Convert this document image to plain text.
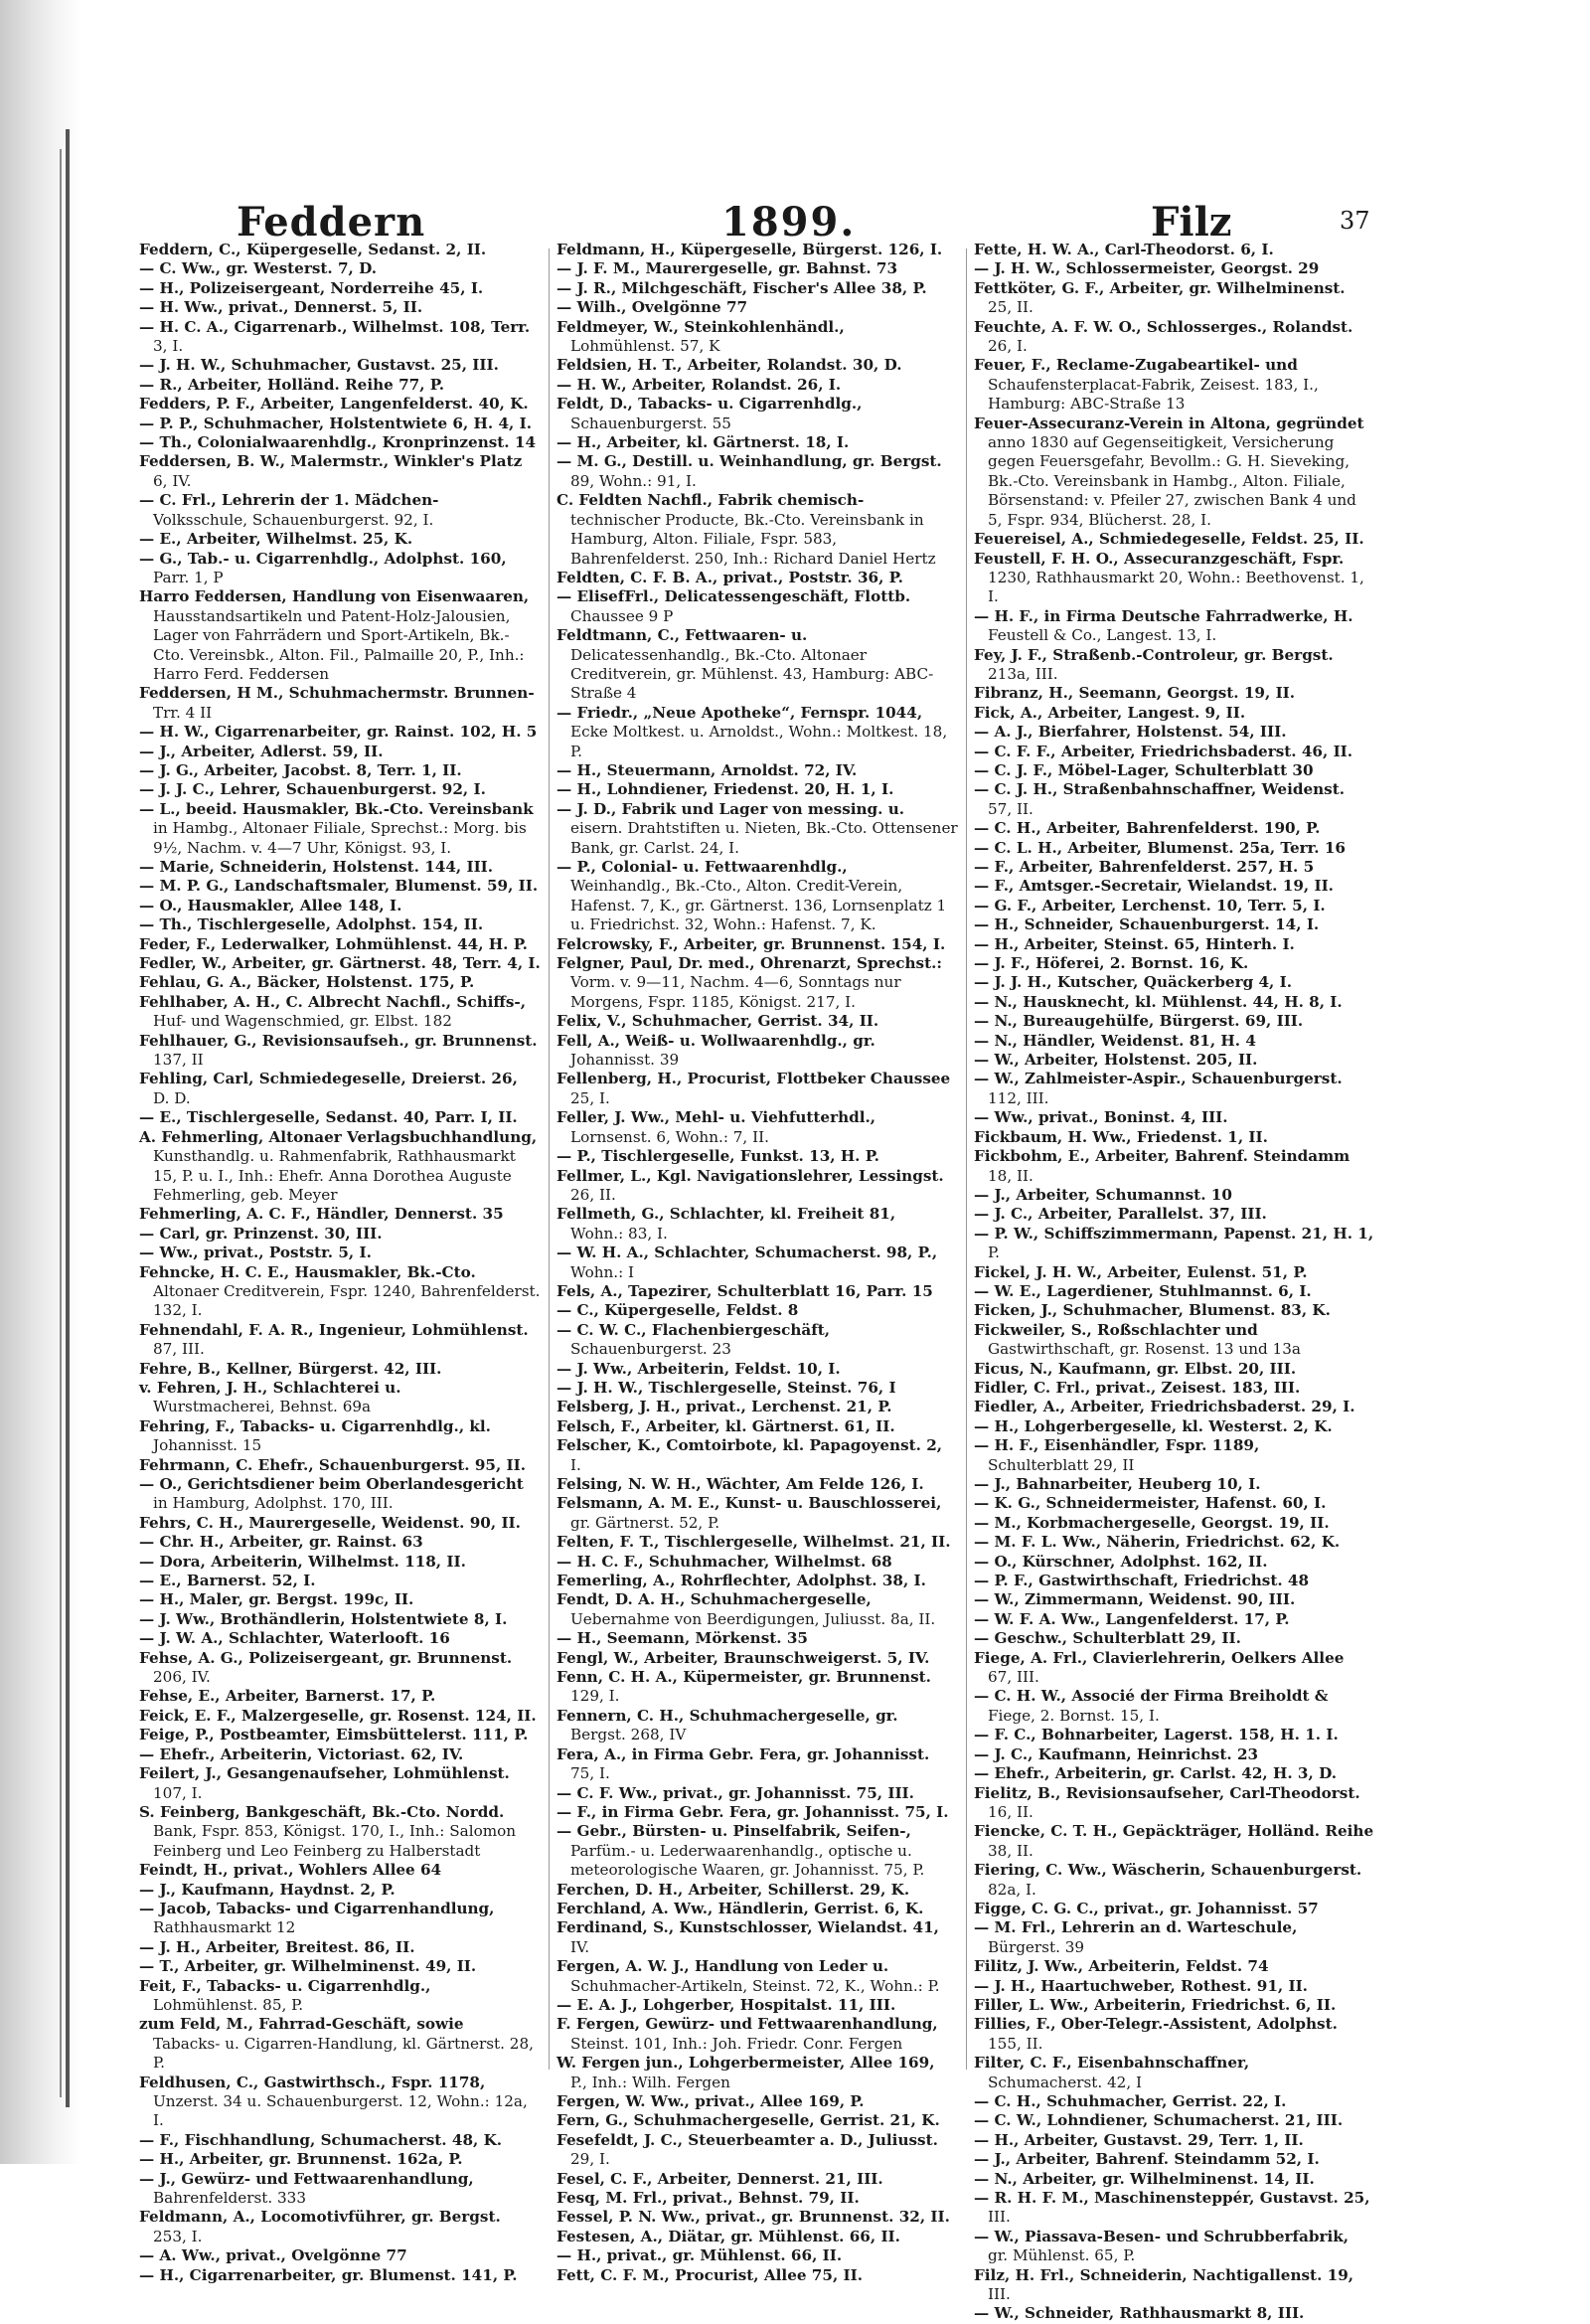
Feddern	1899.	Filz	37

Feddern, C., Küpergeselle, Sedanst. 2, II.

— C. Ww., gr. Westerst. 7, D.

— H., Polizeisergeant, Norderreihe 45, I.

— H. Ww., privat., Dennerst. 5, II.

— H. C. A., Cigarrenarb., Wilhelmst. 108, Terr. 3, I.

— J. H. W., Schuhmacher, Gustavst. 25, III.

— R., Arbeiter, Holländ. Reihe 77, P.

Fedders, P. F., Arbeiter, Langenfelderst. 40, K.

— P. P., Schuhmacher, Holstentwiete 6, H. 4, I.

— Th., Colonialwaarenhdlg., Kronprinzenst. 14

Feddersen, B. W., Malermstr., Winkler's Platz 6, IV.

— C. Frl., Lehrerin der 1. Mädchen-Volksschule, Schauenburgerst. 92, I.

— E., Arbeiter, Wilhelmst. 25, K.

— G., Tab.- u. Cigarrenhdlg., Adolphst. 160, Parr. 1, P

Harro Feddersen, Handlung von Eisenwaaren, Hausstandsartikeln und Patent-Holz-Jalousien, Lager von Fahrrädern und Sport-Artikeln, Bk.-Cto. Vereinsbk., Alton. Fil., Palmaille 20, P., Inh.: Harro Ferd. Feddersen

Feddersen, H M., Schuhmachermstr. Brunnen-Trr. 4 II

— H. W., Cigarrenarbeiter, gr. Rainst. 102, H. 5

— J., Arbeiter, Adlerst. 59, II.

— J. G., Arbeiter, Jacobst. 8, Terr. 1, II.

— J. J. C., Lehrer, Schauenburgerst. 92, I.

— L., beeid. Hausmakler, Bk.-Cto. Vereinsbank in Hambg., Altonaer Filiale, Sprechst.: Morg. bis 9½, Nachm. v. 4—7 Uhr, Königst. 93, I.

— Marie, Schneiderin, Holstenst. 144, III.

— M. P. G., Landschaftsmaler, Blumenst. 59, II.

— O., Hausmakler, Allee 148, I.

— Th., Tischlergeselle, Adolphst. 154, II.

Feder, F., Lederwalker, Lohmühlenst. 44, H. P.

Fedler, W., Arbeiter, gr. Gärtnerst. 48, Terr. 4, I.

Fehlau, G. A., Bäcker, Holstenst. 175, P.

Fehlhaber, A. H., C. Albrecht Nachfl., Schiffs-, Huf- und Wagenschmied, gr. Elbst. 182

Fehlhauer, G., Revisionsaufseh., gr. Brunnenst. 137, II

Fehling, Carl, Schmiedegeselle, Dreierst. 26, D. D.

— E., Tischlergeselle, Sedanst. 40, Parr. I, II.

A. Fehmerling, Altonaer Verlagsbuchhandlung, Kunsthandlg. u. Rahmenfabrik, Rathhausmarkt 15, P. u. I., Inh.: Ehefr. Anna Dorothea Auguste Fehmerling, geb. Meyer

Fehmerling, A. C. F., Händler, Dennerst. 35

— Carl, gr. Prinzenst. 30, III.

— Ww., privat., Poststr. 5, I.

Fehncke, H. C. E., Hausmakler, Bk.-Cto. Altonaer Creditverein, Fspr. 1240, Bahrenfelderst. 132, I.

Fehnendahl, F. A. R., Ingenieur, Lohmühlenst. 87, III.

Fehre, B., Kellner, Bürgerst. 42, III.

v. Fehren, J. H., Schlachterei u. Wurstmacherei, Behnst. 69a

Fehring, F., Tabacks- u. Cigarrenhdlg., kl. Johannisst. 15

Fehrmann, C. Ehefr., Schauenburgerst. 95, II.

— O., Gerichtsdiener beim Oberlandesgericht in Hamburg, Adolphst. 170, III.

Fehrs, C. H., Maurergeselle, Weidenst. 90, II.

— Chr. H., Arbeiter, gr. Rainst. 63

— Dora, Arbeiterin, Wilhelmst. 118, II.

— E., Barnerst. 52, I.

— H., Maler, gr. Bergst. 199c, II.

— J. Ww., Brothändlerin, Holstentwiete 8, I.

— J. W. A., Schlachter, Waterlooft. 16

Fehse, A. G., Polizeisergeant, gr. Brunnenst. 206, IV.

Fehse, E., Arbeiter, Barnerst. 17, P.

Feick, E. F., Malzergeselle, gr. Rosenst. 124, II.

Feige, P., Postbeamter, Eimsbüttelerst. 111, P.

— Ehefr., Arbeiterin, Victoriast. 62, IV.

Feilert, J., Gesangenaufseher, Lohmühlenst. 107, I.

S. Feinberg, Bankgeschäft, Bk.-Cto. Nordd. Bank, Fspr. 853, Königst. 170, I., Inh.: Salomon Feinberg und Leo Feinberg zu Halberstadt

Feindt, H., privat., Wohlers Allee 64

— J., Kaufmann, Haydnst. 2, P.

— Jacob, Tabacks- und Cigarrenhandlung, Rathhausmarkt 12

— J. H., Arbeiter, Breitest. 86, II.

— T., Arbeiter, gr. Wilhelminenst. 49, II.

Feit, F., Tabacks- u. Cigarrenhdlg., Lohmühlenst. 85, P.

zum Feld, M., Fahrrad-Geschäft, sowie Tabacks- u. Cigarren-Handlung, kl. Gärtnerst. 28, P.

Feldhusen, C., Gastwirthsch., Fspr. 1178, Unzerst. 34 u. Schauenburgerst. 12, Wohn.: 12a, I.

— F., Fischhandlung, Schumacherst. 48, K.

— H., Arbeiter, gr. Brunnenst. 162a, P.

— J., Gewürz- und Fettwaarenhandlung, Bahrenfelderst. 333

Feldmann, A., Locomotivführer, gr. Bergst. 253, I.

— A. Ww., privat., Ovelgönne 77

— H., Cigarrenarbeiter, gr. Blumenst. 141, P.

Feldmann, H., Küpergeselle, Bürgerst. 126, I.

— J. F. M., Maurergeselle, gr. Bahnst. 73

— J. R., Milchgeschäft, Fischer's Allee 38, P.

— Wilh., Ovelgönne 77

Feldmeyer, W., Steinkohlenhändl., Lohmühlenst. 57, K

Feldsien, H. T., Arbeiter, Rolandst. 30, D.

— H. W., Arbeiter, Rolandst. 26, I.

Feldt, D., Tabacks- u. Cigarrenhdlg., Schauenburgerst. 55

— H., Arbeiter, kl. Gärtnerst. 18, I.

— M. G., Destill. u. Weinhandlung, gr. Bergst. 89, Wohn.: 91, I.

C. Feldten Nachfl., Fabrik chemisch-technischer Producte, Bk.-Cto. Vereinsbank in Hamburg, Alton. Filiale, Fspr. 583, Bahrenfelderst. 250, Inh.: Richard Daniel Hertz

Feldten, C. F. B. A., privat., Poststr. 36, P.

— ElisefFrl., Delicatessengeschäft, Flottb. Chaussee 9 P

Feldtmann, C., Fettwaaren- u. Delicatessenhandlg., Bk.-Cto. Altonaer Creditverein, gr. Mühlenst. 43, Hamburg: ABC-Straße 4

— Friedr., „Neue Apotheke“, Fernspr. 1044, Ecke Moltkest. u. Arnoldst., Wohn.: Moltkest. 18, P.

— H., Steuermann, Arnoldst. 72, IV.

— H., Lohndiener, Friedenst. 20, H. 1, I.

— J. D., Fabrik und Lager von messing. u. eisern. Drahtstiften u. Nieten, Bk.-Cto. Ottensener Bank, gr. Carlst. 24, I.

— P., Colonial- u. Fettwaarenhdlg., Weinhandlg., Bk.-Cto., Alton. Credit-Verein, Hafenst. 7, K., gr. Gärtnerst. 136, Lornsenplatz 1 u. Friedrichst. 32, Wohn.: Hafenst. 7, K.

Felcrowsky, F., Arbeiter, gr. Brunnenst. 154, I.

Felgner, Paul, Dr. med., Ohrenarzt, Sprechst.: Vorm. v. 9—11, Nachm. 4—6, Sonntags nur Morgens, Fspr. 1185, Königst. 217, I.

Felix, V., Schuhmacher, Gerrist. 34, II.

Fell, A., Weiß- u. Wollwaarenhdlg., gr. Johannisst. 39

Fellenberg, H., Procurist, Flottbeker Chaussee 25, I.

Feller, J. Ww., Mehl- u. Viehfutterhdl., Lornsenst. 6, Wohn.: 7, II.

— P., Tischlergeselle, Funkst. 13, H. P.

Fellmer, L., Kgl. Navigationslehrer, Lessingst. 26, II.

Fellmeth, G., Schlachter, kl. Freiheit 81, Wohn.: 83, I.

— W. H. A., Schlachter, Schumacherst. 98, P., Wohn.: I

Fels, A., Tapezirer, Schulterblatt 16, Parr. 15

— C., Küpergeselle, Feldst. 8

— C. W. C., Flachenbiergeschäft, Schauenburgerst. 23

— J. Ww., Arbeiterin, Feldst. 10, I.

— J. H. W., Tischlergeselle, Steinst. 76, I

Felsberg, J. H., privat., Lerchenst. 21, P.

Felsch, F., Arbeiter, kl. Gärtnerst. 61, II.

Felscher, K., Comtoirbote, kl. Papagoyenst. 2, I.

Felsing, N. W. H., Wächter, Am Felde 126, I.

Felsmann, A. M. E., Kunst- u. Bauschlosserei, gr. Gärtnerst. 52, P.

Felten, F. T., Tischlergeselle, Wilhelmst. 21, II.

— H. C. F., Schuhmacher, Wilhelmst. 68

Femerling, A., Rohrflechter, Adolphst. 38, I.

Fendt, D. A. H., Schuhmachergeselle, Uebernahme von Beerdigungen, Juliusst. 8a, II.

— H., Seemann, Mörkenst. 35

Fengl, W., Arbeiter, Braunschweigerst. 5, IV.

Fenn, C. H. A., Küpermeister, gr. Brunnenst. 129, I.

Fennern, C. H., Schuhmachergeselle, gr. Bergst. 268, IV

Fera, A., in Firma Gebr. Fera, gr. Johannisst. 75, I.

— C. F. Ww., privat., gr. Johannisst. 75, III.

— F., in Firma Gebr. Fera, gr. Johannisst. 75, I.

— Gebr., Bürsten- u. Pinselfabrik, Seifen-, Parfüm.- u. Lederwaarenhandlg., optische u. meteorologische Waaren, gr. Johannisst. 75, P.

Ferchen, D. H., Arbeiter, Schillerst. 29, K.

Ferchland, A. Ww., Händlerin, Gerrist. 6, K.

Ferdinand, S., Kunstschlosser, Wielandst. 41, IV.

Fergen, A. W. J., Handlung von Leder u. Schuhmacher-Artikeln, Steinst. 72, K., Wohn.: P.

— E. A. J., Lohgerber, Hospitalst. 11, III.

F. Fergen, Gewürz- und Fettwaarenhandlung, Steinst. 101, Inh.: Joh. Friedr. Conr. Fergen

W. Fergen jun., Lohgerbermeister, Allee 169, P., Inh.: Wilh. Fergen

Fergen, W. Ww., privat., Allee 169, P.

Fern, G., Schuhmachergeselle, Gerrist. 21, K.

Fesefeldt, J. C., Steuerbeamter a. D., Juliusst. 29, I.

Fesel, C. F., Arbeiter, Dennerst. 21, III.

Fesq, M. Frl., privat., Behnst. 79, II.

Fessel, P. N. Ww., privat., gr. Brunnenst. 32, II.

Festesen, A., Diätar, gr. Mühlenst. 66, II.

— H., privat., gr. Mühlenst. 66, II.

Fett, C. F. M., Procurist, Allee 75, II.

Fette, H. W. A., Carl-Theodorst. 6, I.

— J. H. W., Schlossermeister, Georgst. 29

Fettköter, G. F., Arbeiter, gr. Wilhelminenst. 25, II.

Feuchte, A. F. W. O., Schlosserges., Rolandst. 26, I.

Feuer, F., Reclame-Zugabeartikel- und Schaufensterplacat-Fabrik, Zeisest. 183, I., Hamburg: ABC-Straße 13

Feuer-Assecuranz-Verein in Altona, gegründet anno 1830 auf Gegenseitigkeit, Versicherung gegen Feuersgefahr, Bevollm.: G. H. Sieveking, Bk.-Cto. Vereinsbank in Hambg., Alton. Filiale, Börsenstand: v. Pfeiler 27, zwischen Bank 4 und 5, Fspr. 934, Blücherst. 28, I.

Feuereisel, A., Schmiedegeselle, Feldst. 25, II.

Feustell, F. H. O., Assecuranzgeschäft, Fspr. 1230, Rathhausmarkt 20, Wohn.: Beethovenst. 1, I.

— H. F., in Firma Deutsche Fahrradwerke, H. Feustell & Co., Langest. 13, I.

Fey, J. F., Straßenb.-Controleur, gr. Bergst. 213a, III.

Fibranz, H., Seemann, Georgst. 19, II.

Fick, A., Arbeiter, Langest. 9, II.

— A. J., Bierfahrer, Holstenst. 54, III.

— C. F. F., Arbeiter, Friedrichsbaderst. 46, II.

— C. J. F., Möbel-Lager, Schulterblatt 30

— C. J. H., Straßenbahnschaffner, Weidenst. 57, II.

— C. H., Arbeiter, Bahrenfelderst. 190, P.

— C. L. H., Arbeiter, Blumenst. 25a, Terr. 16

— F., Arbeiter, Bahrenfelderst. 257, H. 5

— F., Amtsger.-Secretair, Wielandst. 19, II.

— G. F., Arbeiter, Lerchenst. 10, Terr. 5, I.

— H., Schneider, Schauenburgerst. 14, I.

— H., Arbeiter, Steinst. 65, Hinterh. I.

— J. F., Höferei, 2. Bornst. 16, K.

— J. J. H., Kutscher, Quäckerberg 4, I.

— N., Hausknecht, kl. Mühlenst. 44, H. 8, I.

— N., Bureaugehülfe, Bürgerst. 69, III.

— N., Händler, Weidenst. 81, H. 4

— W., Arbeiter, Holstenst. 205, II.

— W., Zahlmeister-Aspir., Schauenburgerst. 112, III.

— Ww., privat., Boninst. 4, III.

Fickbaum, H. Ww., Friedenst. 1, II.

Fickbohm, E., Arbeiter, Bahrenf. Steindamm 18, II.

— J., Arbeiter, Schumannst. 10

— J. C., Arbeiter, Parallelst. 37, III.

— P. W., Schiffszimmermann, Papenst. 21, H. 1, P.

Fickel, J. H. W., Arbeiter, Eulenst. 51, P.

— W. E., Lagerdiener, Stuhlmannst. 6, I.

Ficken, J., Schuhmacher, Blumenst. 83, K.

Fickweiler, S., Roßschlachter und Gastwirthschaft, gr. Rosenst. 13 und 13a

Ficus, N., Kaufmann, gr. Elbst. 20, III.

Fidler, C. Frl., privat., Zeisest. 183, III.

Fiedler, A., Arbeiter, Friedrichsbaderst. 29, I.

— H., Lohgerbergeselle, kl. Westerst. 2, K.

— H. F., Eisenhändler, Fspr. 1189, Schulterblatt 29, II

— J., Bahnarbeiter, Heuberg 10, I.

— K. G., Schneidermeister, Hafenst. 60, I.

— M., Korbmachergeselle, Georgst. 19, II.

— M. F. L. Ww., Näherin, Friedrichst. 62, K.

— O., Kürschner, Adolphst. 162, II.

— P. F., Gastwirthschaft, Friedrichst. 48

— W., Zimmermann, Weidenst. 90, III.

— W. F. A. Ww., Langenfelderst. 17, P.

— Geschw., Schulterblatt 29, II.

Fiege, A. Frl., Clavierlehrerin, Oelkers Allee 67, III.

— C. H. W., Associé der Firma Breiholdt & Fiege, 2. Bornst. 15, I.

— F. C., Bohnarbeiter, Lagerst. 158, H. 1. I.

— J. C., Kaufmann, Heinrichst. 23

— Ehefr., Arbeiterin, gr. Carlst. 42, H. 3, D.

Fielitz, B., Revisionsaufseher, Carl-Theodorst. 16, II.

Fiencke, C. T. H., Gepäckträger, Holländ. Reihe 38, II.

Fiering, C. Ww., Wäscherin, Schauenburgerst. 82a, I.

Figge, C. G. C., privat., gr. Johannisst. 57

— M. Frl., Lehrerin an d. Warteschule, Bürgerst. 39

Filitz, J. Ww., Arbeiterin, Feldst. 74

— J. H., Haartuchweber, Rothest. 91, II.

Filler, L. Ww., Arbeiterin, Friedrichst. 6, II.

Fillies, F., Ober-Telegr.-Assistent, Adolphst. 155, II.

Filter, C. F., Eisenbahnschaffner, Schumacherst. 42, I

— C. H., Schuhmacher, Gerrist. 22, I.

— C. W., Lohndiener, Schumacherst. 21, III.

— H., Arbeiter, Gustavst. 29, Terr. 1, II.

— J., Arbeiter, Bahrenf. Steindamm 52, I.

— N., Arbeiter, gr. Wilhelminenst. 14, II.

— R. H. F. M., Maschinensteppér, Gustavst. 25, III.

— W., Piassava-Besen- und Schrubberfabrik, gr. Mühlenst. 65, P.

Filz, H. Frl., Schneiderin, Nachtigallenst. 19, III.

— W., Schneider, Rathhausmarkt 8, III.
